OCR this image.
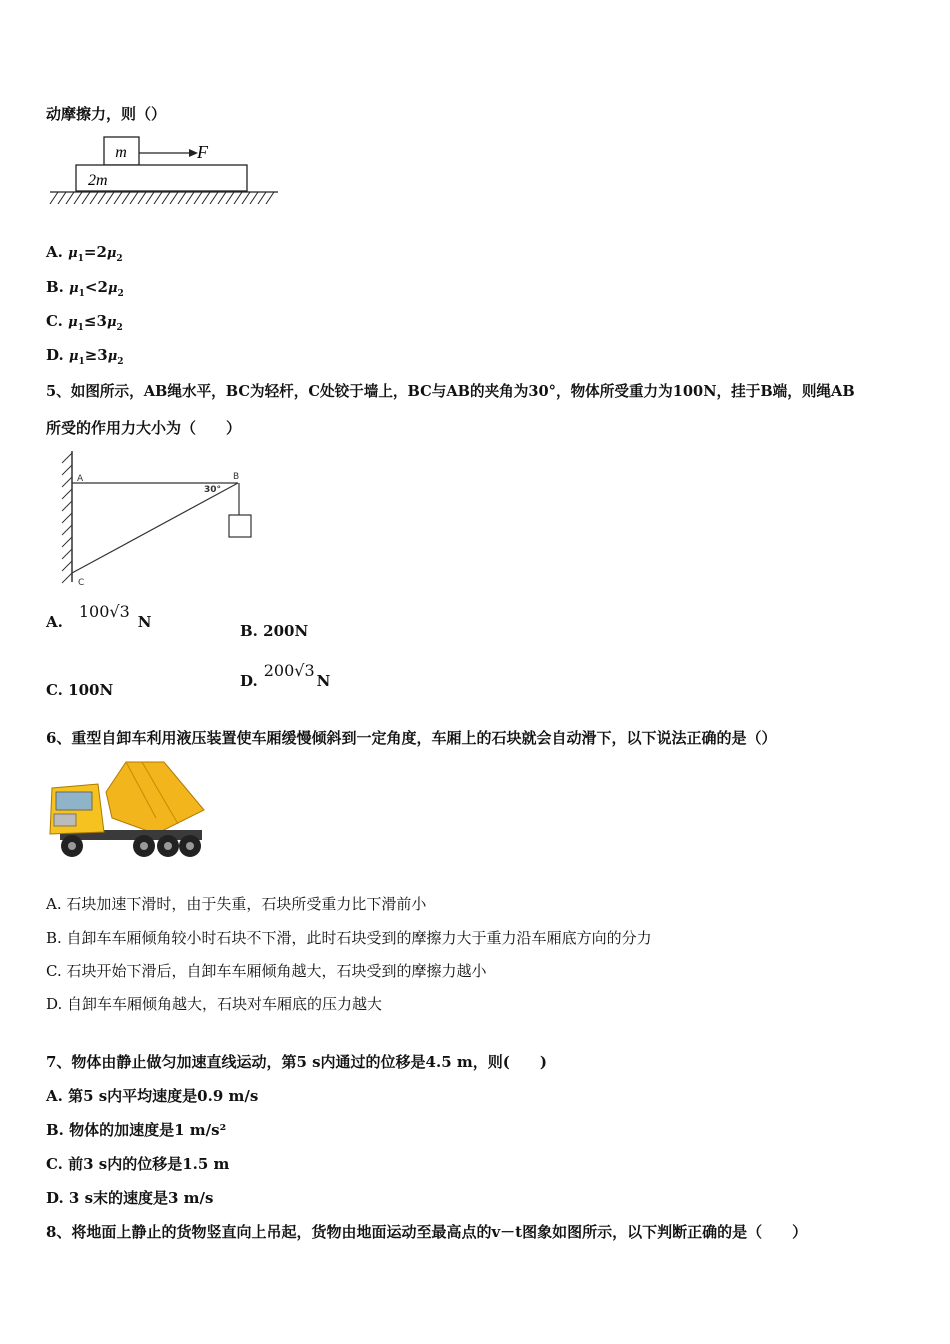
动摩擦力，则（）
m	F
2m
A. $\mu_1=2\mu_2$
B. $\mu_1<2\mu_2$
C. $\mu_1\le 3\mu_2$
D. $\mu_1\ge 3\mu_2$
5、如图所示，AB绳水平，BC为轻杆，C处铰于墙上，BC与AB的夹角为30°，物体所受重力为100N，挂于B端，则绳AB
所受的作用力大小为（　　）
A	B
C
30°
A.100√3N	B. 200N
C. 100N	D.200√3N
6、重型自卸车利用液压装置使车厢缓慢倾斜到一定角度，车厢上的石块就会自动滑下，以下说法正确的是（）
A. 石块加速下滑时，由于失重，石块所受重力比下滑前小
B. 自卸车车厢倾角较小时石块不下滑，此时石块受到的摩擦力大于重力沿车厢底方向的分力
C. 石块开始下滑后，自卸车车厢倾角越大，石块受到的摩擦力越小
D. 自卸车车厢倾角越大，石块对车厢底的压力越大
7、物体由静止做匀加速直线运动，第5 s内通过的位移是4.5 m，则(　　)
A. 第5 s内平均速度是0.9 m/s
B. 物体的加速度是1 m/s²
C. 前3 s内的位移是1.5 m
D. 3 s末的速度是3 m/s
8、将地面上静止的货物竖直向上吊起，货物由地面运动至最高点的v－t图象如图所示，以下判断正确的是（　　）
